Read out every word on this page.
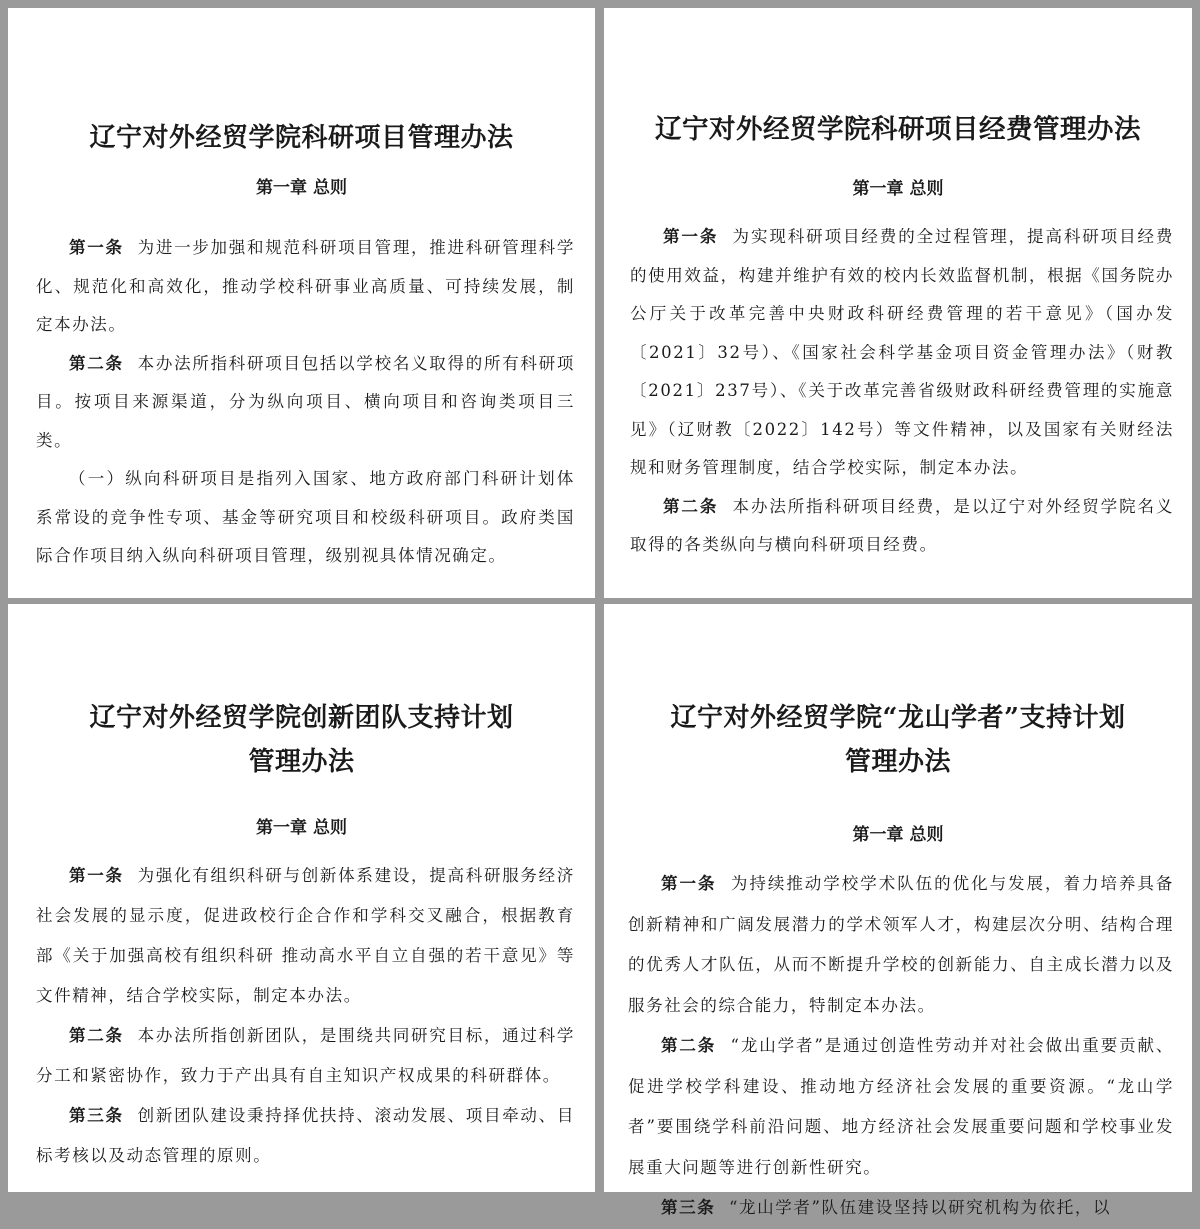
辽宁对外经贸学院科研项目管理办法

第一章 总则

第一条 为进一步加强和规范科研项目管理，推进科研管理科学化、规范化和高效化，推动学校科研事业高质量、可持续发展，制定本办法。

第二条 本办法所指科研项目包括以学校名义取得的所有科研项目。按项目来源渠道，分为纵向项目、横向项目和咨询类项目三类。

（一）纵向科研项目是指列入国家、地方政府部门科研计划体系常设的竞争性专项、基金等研究项目和校级科研项目。政府类国际合作项目纳入纵向科研项目管理，级别视具体情况确定。

辽宁对外经贸学院科研项目经费管理办法

第一章 总则

第一条 为实现科研项目经费的全过程管理，提高科研项目经费的使用效益，构建并维护有效的校内长效监督机制，根据《国务院办公厅关于改革完善中央财政科研经费管理的若干意见》（国办发〔2021〕32号）、《国家社会科学基金项目资金管理办法》（财教〔2021〕237号）、《关于改革完善省级财政科研经费管理的实施意见》（辽财教〔2022〕142号）等文件精神，以及国家有关财经法规和财务管理制度，结合学校实际，制定本办法。

第二条 本办法所指科研项目经费，是以辽宁对外经贸学院名义取得的各类纵向与横向科研项目经费。

辽宁对外经贸学院创新团队支持计划
管理办法

第一章 总则

第一条 为强化有组织科研与创新体系建设，提高科研服务经济社会发展的显示度，促进政校行企合作和学科交叉融合，根据教育部《关于加强高校有组织科研 推动高水平自立自强的若干意见》等文件精神，结合学校实际，制定本办法。

第二条 本办法所指创新团队，是围绕共同研究目标，通过科学分工和紧密协作，致力于产出具有自主知识产权成果的科研群体。

第三条 创新团队建设秉持择优扶持、滚动发展、项目牵动、目标考核以及动态管理的原则。

辽宁对外经贸学院“龙山学者”支持计划
管理办法

第一章 总则

第一条 为持续推动学校学术队伍的优化与发展，着力培养具备创新精神和广阔发展潜力的学术领军人才，构建层次分明、结构合理的优秀人才队伍，从而不断提升学校的创新能力、自主成长潜力以及服务社会的综合能力，特制定本办法。

第二条 “龙山学者”是通过创造性劳动并对社会做出重要贡献、促进学校学科建设、推动地方经济社会发展的重要资源。“龙山学者”要围绕学科前沿问题、地方经济社会发展重要问题和学校事业发展重大问题等进行创新性研究。

第三条 “龙山学者”队伍建设坚持以研究机构为依托，以
